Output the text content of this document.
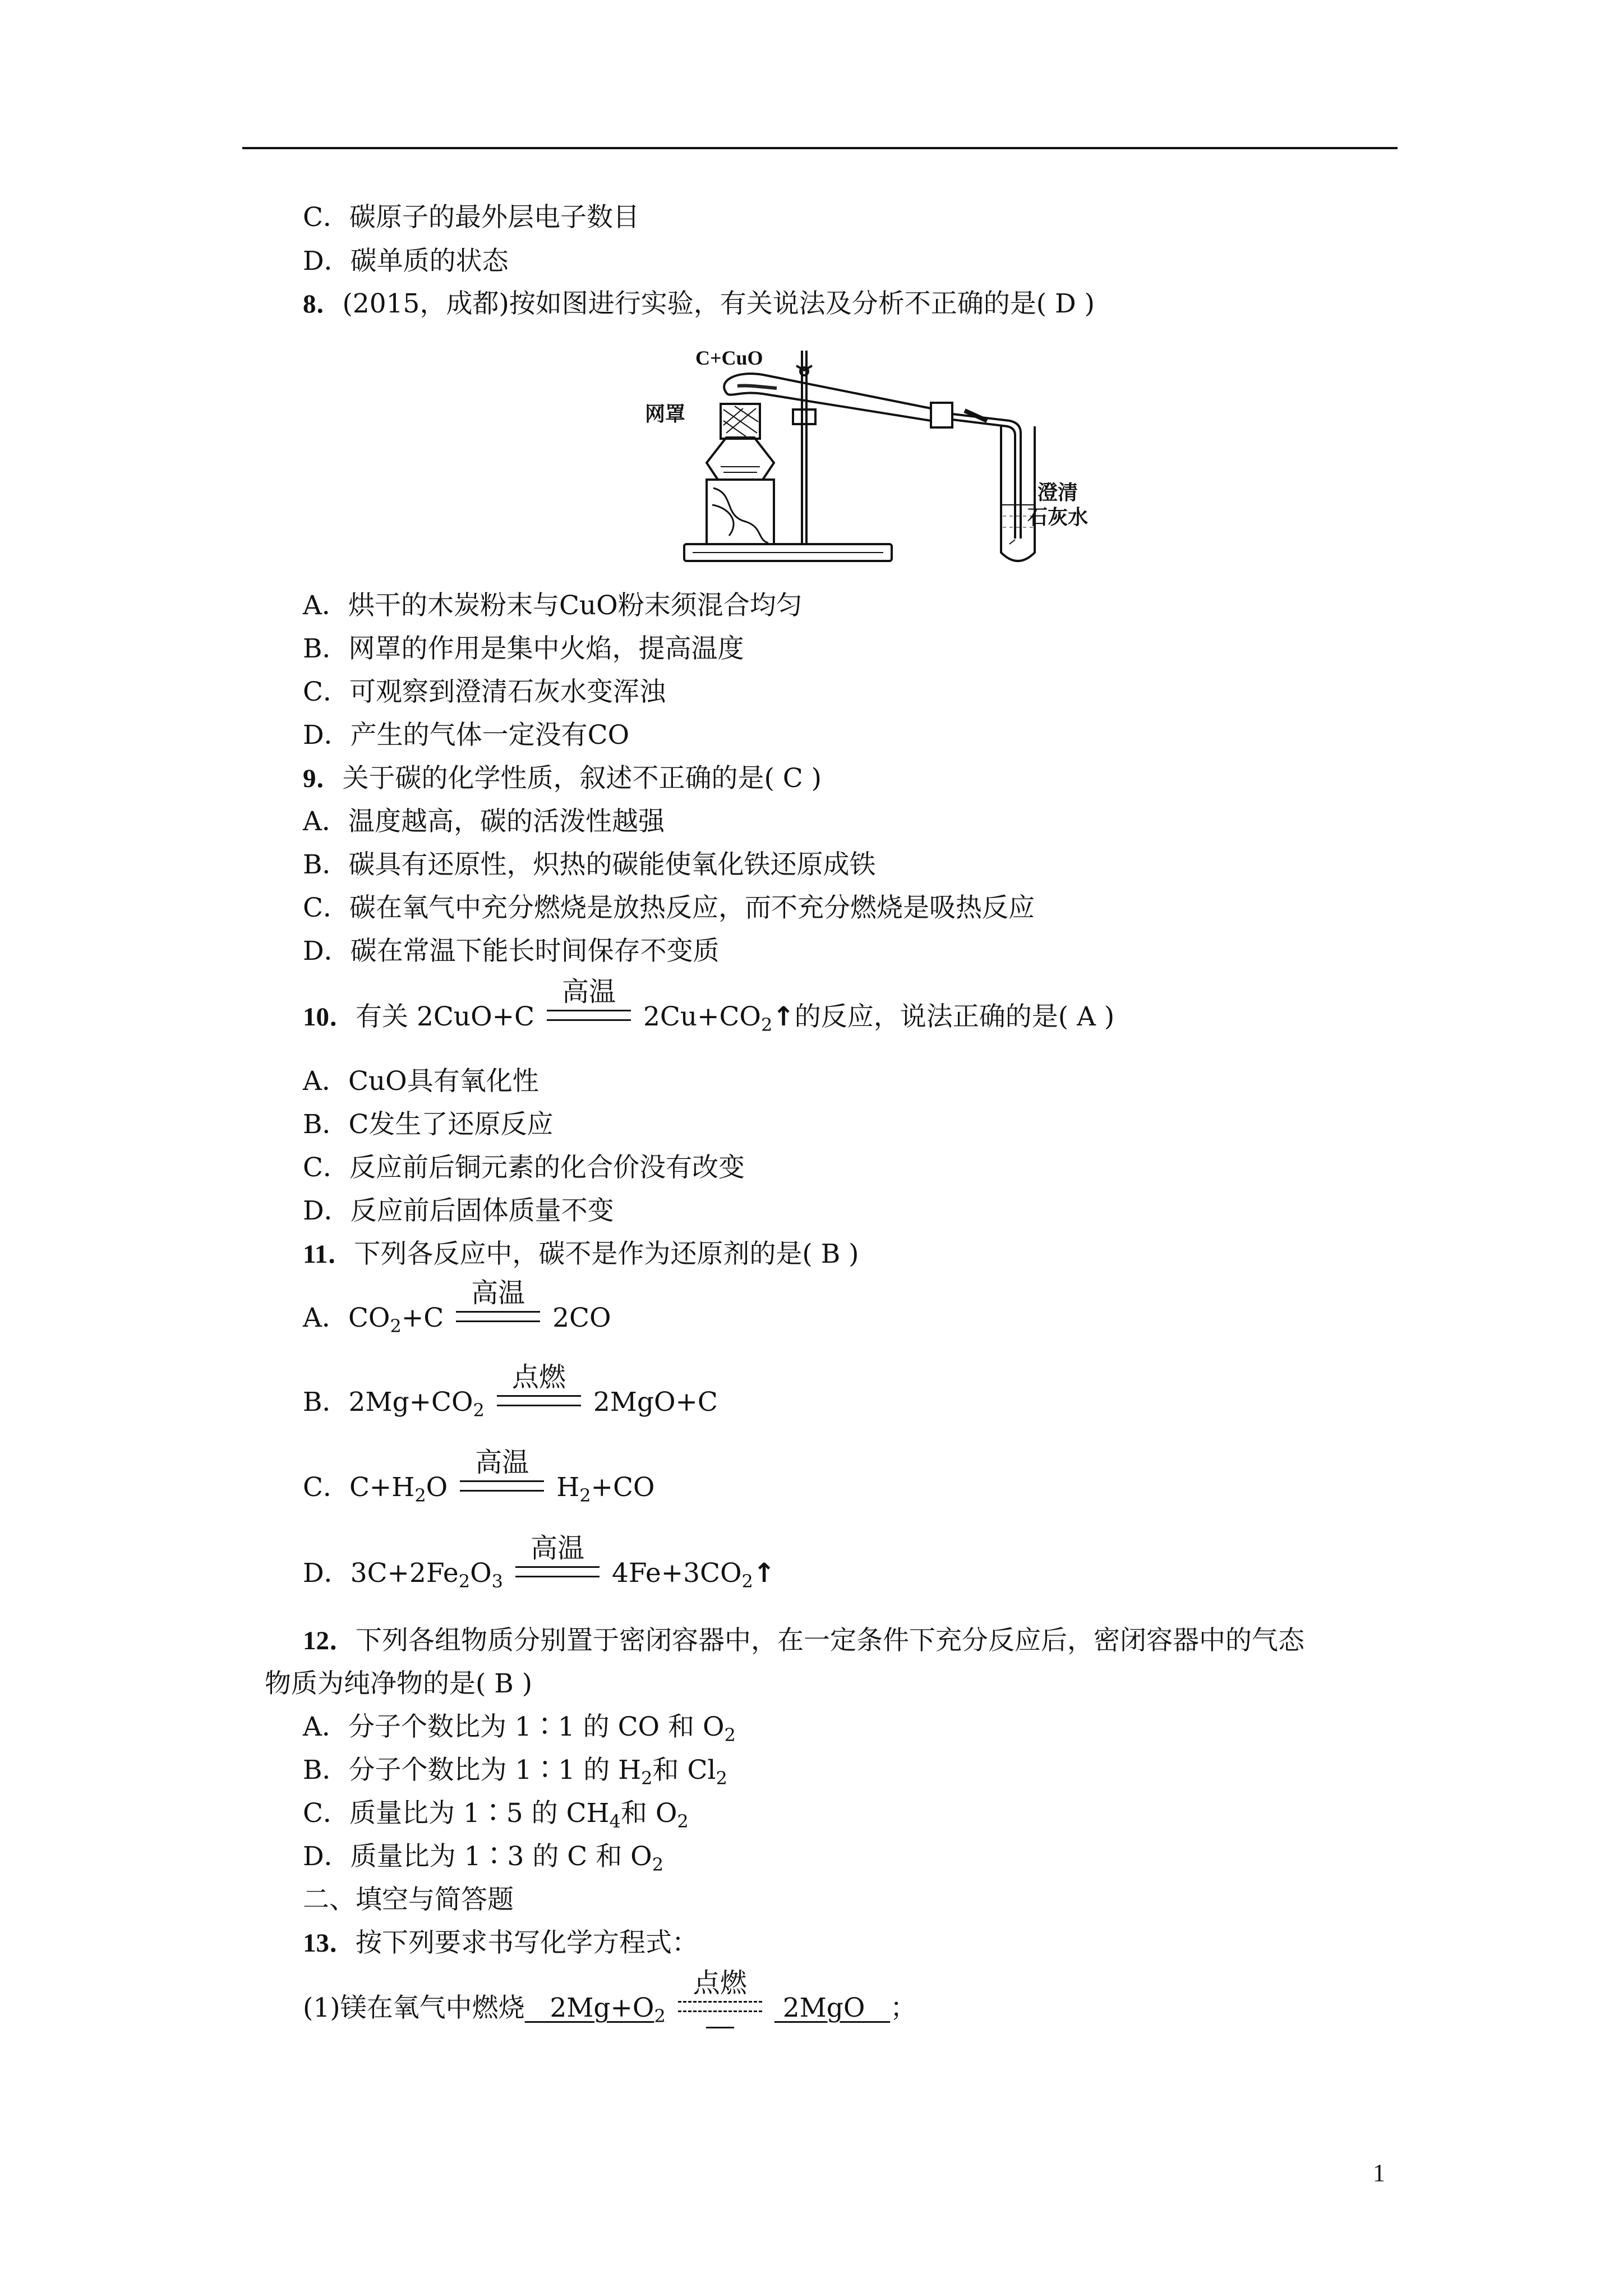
C．碳原子的最外层电子数目
D．碳单质的状态
8．(2015，成都)按如图进行实验，有关说法及分析不正确的是( D )
C+CuO
网罩
澄清
石灰水
A．烘干的木炭粉末与CuO粉末须混合均匀
B．网罩的作用是集中火焰，提高温度
C．可观察到澄清石灰水变浑浊
D．产生的气体一定没有CO
9．关于碳的化学性质，叙述不正确的是( C )
A．温度越高，碳的活泼性越强
B．碳具有还原性，炽热的碳能使氧化铁还原成铁
C．碳在氧气中充分燃烧是放热反应，而不充分燃烧是吸热反应
D．碳在常温下能长时间保存不变质
10．有关 2CuO+C
高温
$2Cu+CO_2↑$的反应，说法正确的是( A )
A．CuO具有氧化性
B．C发生了还原反应
C．反应前后铜元素的化合价没有改变
D．反应前后固体质量不变
11．下列各反应中，碳不是作为还原剂的是( B )
A．$CO_2+C$
高温
2CO
B．$2Mg+CO_2$
点燃
2MgO+C
C．$C+H_2O$
高温
$H_2+CO$
D．$3C+2Fe_2O_3$
高温
$4Fe+3CO_2↑$
12．下列各组物质分别置于密闭容器中，在一定条件下充分反应后，密闭容器中的气态
物质为纯净物的是( B )
A．分子个数比为 1∶1 的 CO 和 $O_2$
B．分子个数比为 1∶1 的 $H_2$和 $Cl_2$
C．质量比为 1∶5 的 $CH_4$和 $O_2$
D．质量比为 1∶3 的 C 和 $O_2$
二、填空与简答题
13．按下列要求书写化学方程式：
(1)镁在氧气中燃烧   $2Mg+O_2$
点燃
2MgO   ；
1
